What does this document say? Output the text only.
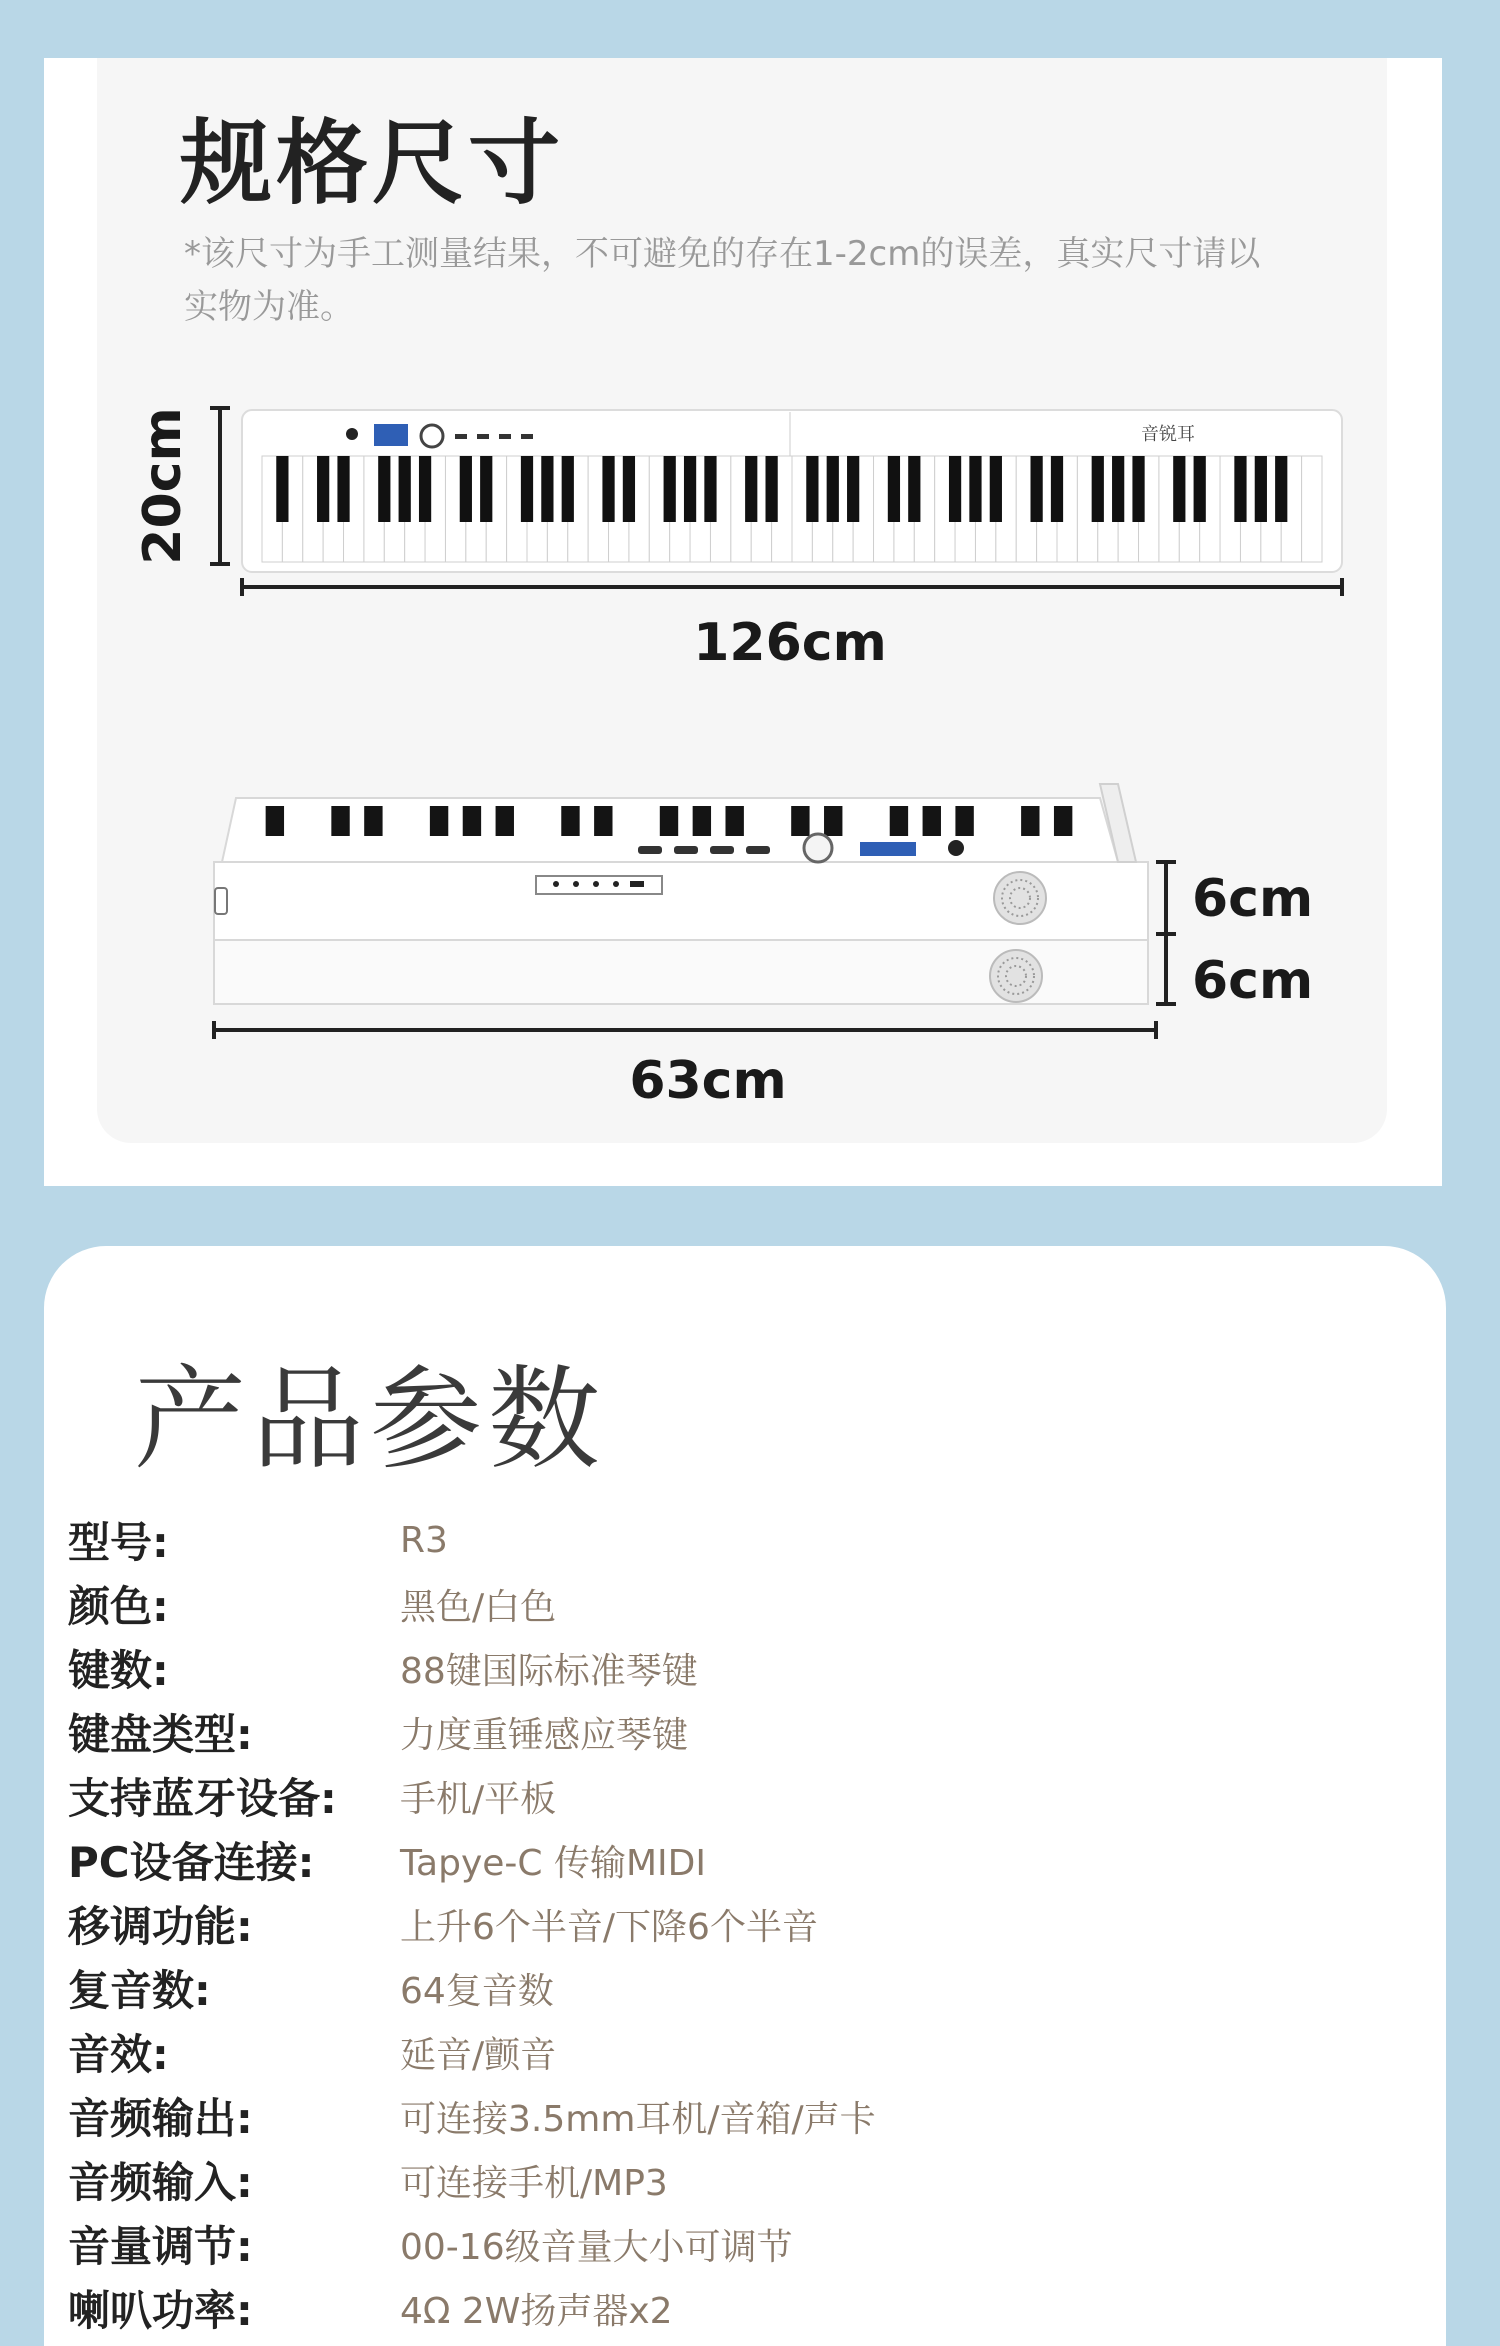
规格尺寸

*该尺寸为手工测量结果，不可避免的存在1-2cm的误差，真实尺寸请以实物为准。

音锐耳
20cm
126cm
6cm
6cm
63cm
产品参数
型号:	R3
颜色:	黑色/白色
键数:	88键国际标准琴键
键盘类型:	力度重锤感应琴键
支持蓝牙设备:	手机/平板
PC设备连接:	Tapye-C 传输MIDI
移调功能:	上升6个半音/下降6个半音
复音数:	64复音数
音效:	延音/颤音
音频输出:	可连接3.5mm耳机/音箱/声卡
音频输入:	可连接手机/MP3
音量调节:	00-16级音量大小可调节
喇叭功率:	4Ω 2W扬声器x2
